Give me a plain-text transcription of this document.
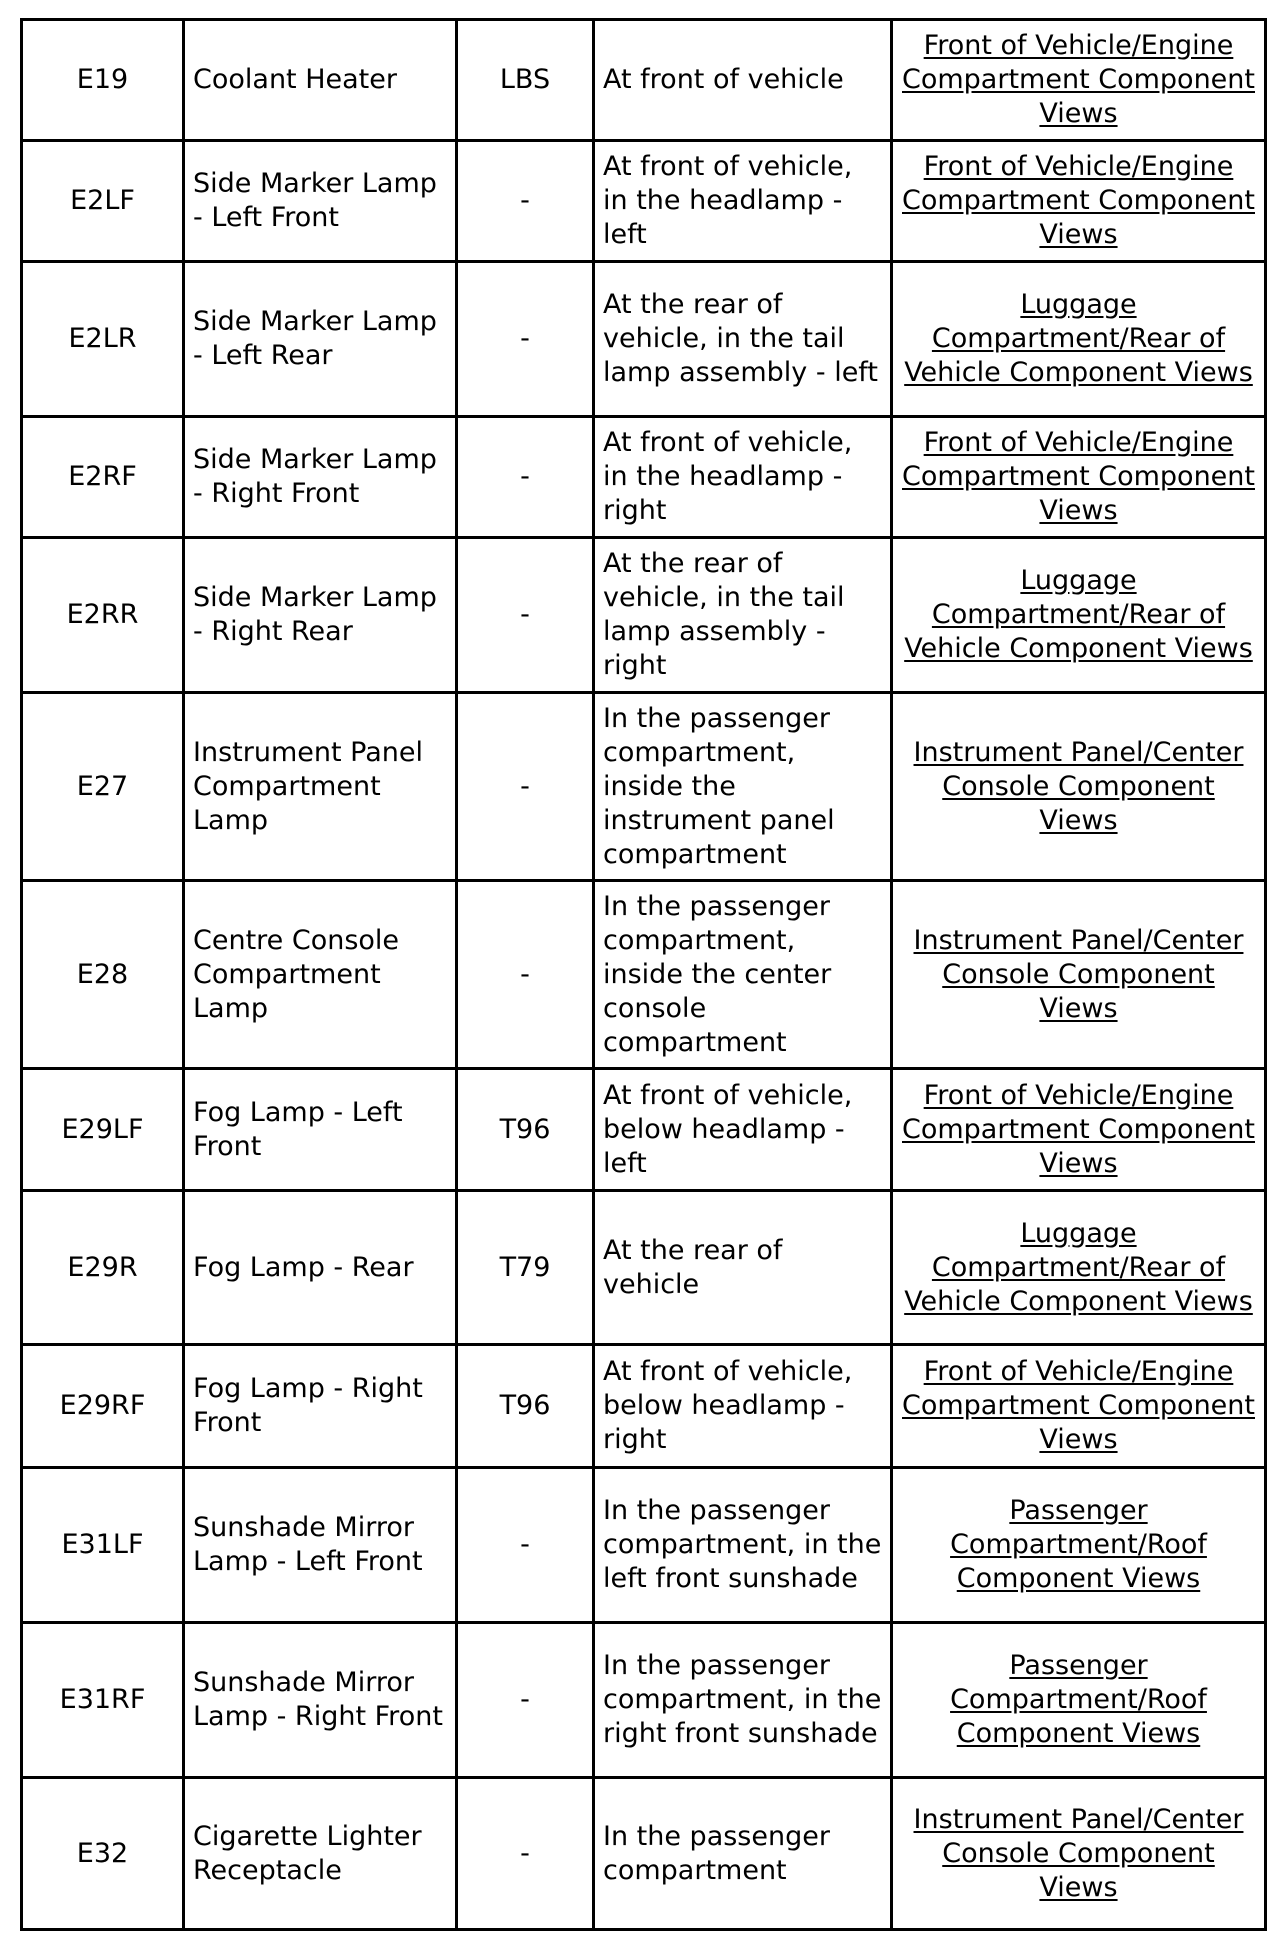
E19	Coolant Heater	LBS	At front of vehicle	Front of Vehicle/Engine Compartment Component Views
E2LF	Side Marker Lamp - Left Front	-	At front of vehicle, in the headlamp - left	Front of Vehicle/Engine Compartment Component Views
E2LR	Side Marker Lamp - Left Rear	-	At the rear of vehicle, in the tail lamp assembly - left	Luggage Compartment/Rear of Vehicle Component Views
E2RF	Side Marker Lamp - Right Front	-	At front of vehicle, in the headlamp - right	Front of Vehicle/Engine Compartment Component Views
E2RR	Side Marker Lamp - Right Rear	-	At the rear of vehicle, in the tail lamp assembly - right	Luggage Compartment/Rear of Vehicle Component Views
E27	Instrument Panel Compartment Lamp	-	In the passenger compartment, inside the instrument panel compartment	Instrument Panel/Center Console Component Views
E28	Centre Console Compartment Lamp	-	In the passenger compartment, inside the center console compartment	Instrument Panel/Center Console Component Views
E29LF	Fog Lamp - Left Front	T96	At front of vehicle, below headlamp - left	Front of Vehicle/Engine Compartment Component Views
E29R	Fog Lamp - Rear	T79	At the rear of vehicle	Luggage Compartment/Rear of Vehicle Component Views
E29RF	Fog Lamp - Right Front	T96	At front of vehicle, below headlamp - right	Front of Vehicle/Engine Compartment Component Views
E31LF	Sunshade Mirror Lamp - Left Front	-	In the passenger compartment, in the left front sunshade	Passenger Compartment/Roof Component Views
E31RF	Sunshade Mirror Lamp - Right Front	-	In the passenger compartment, in the right front sunshade	Passenger Compartment/Roof Component Views
E32	Cigarette Lighter Receptacle	-	In the passenger compartment	Instrument Panel/Center Console Component Views
